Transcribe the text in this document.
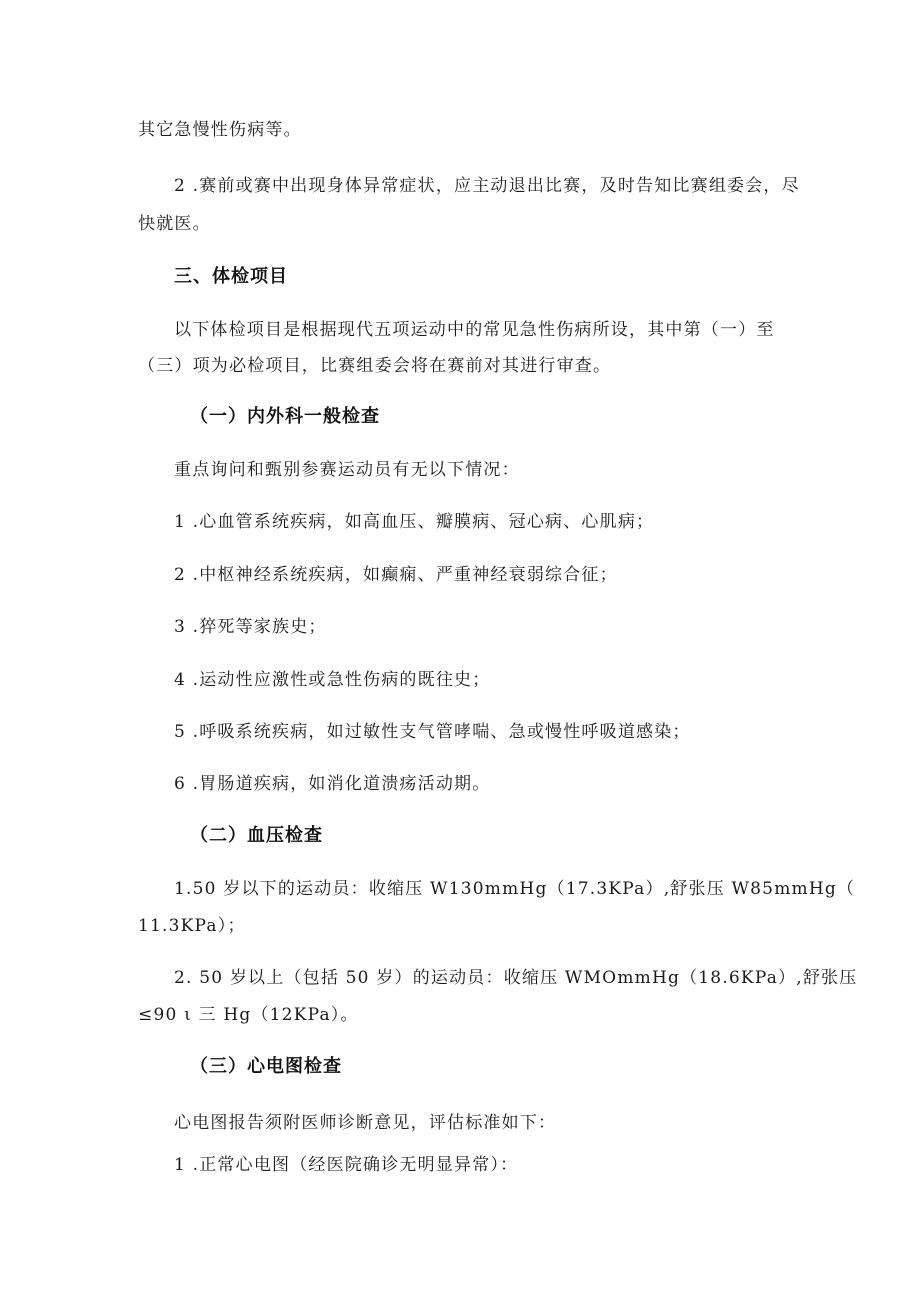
其它急慢性伤病等。
2 .赛前或赛中出现身体异常症状，应主动退出比赛，及时告知比赛组委会，尽
快就医。
三、体检项目
以下体检项目是根据现代五项运动中的常见急性伤病所设，其中第（一）至
（三）项为必检项目，比赛组委会将在赛前对其进行审查。
（一）内外科一般检查
重点询问和甄别参赛运动员有无以下情况：
1 .心血管系统疾病，如高血压、瓣膜病、冠心病、心肌病；
2 .中枢神经系统疾病，如癫痫、严重神经衰弱综合征；
3 .猝死等家族史；
4 .运动性应激性或急性伤病的既往史；
5 .呼吸系统疾病，如过敏性支气管哮喘、急或慢性呼吸道感染；
6 .胃肠道疾病，如消化道溃疡活动期。
（二）血压检查
1.50 岁以下的运动员：收缩压 W130mmHg（17.3KPa）,舒张压 W85mmHg（
11.3KPa）；
2. 50 岁以上（包括 50 岁）的运动员：收缩压 WMOmmHg（18.6KPa）,舒张压
≤90 ι 三 Hg（12KPa）。
（三）心电图检查
心电图报告须附医师诊断意见，评估标准如下：
1 .正常心电图（经医院确诊无明显异常）：
